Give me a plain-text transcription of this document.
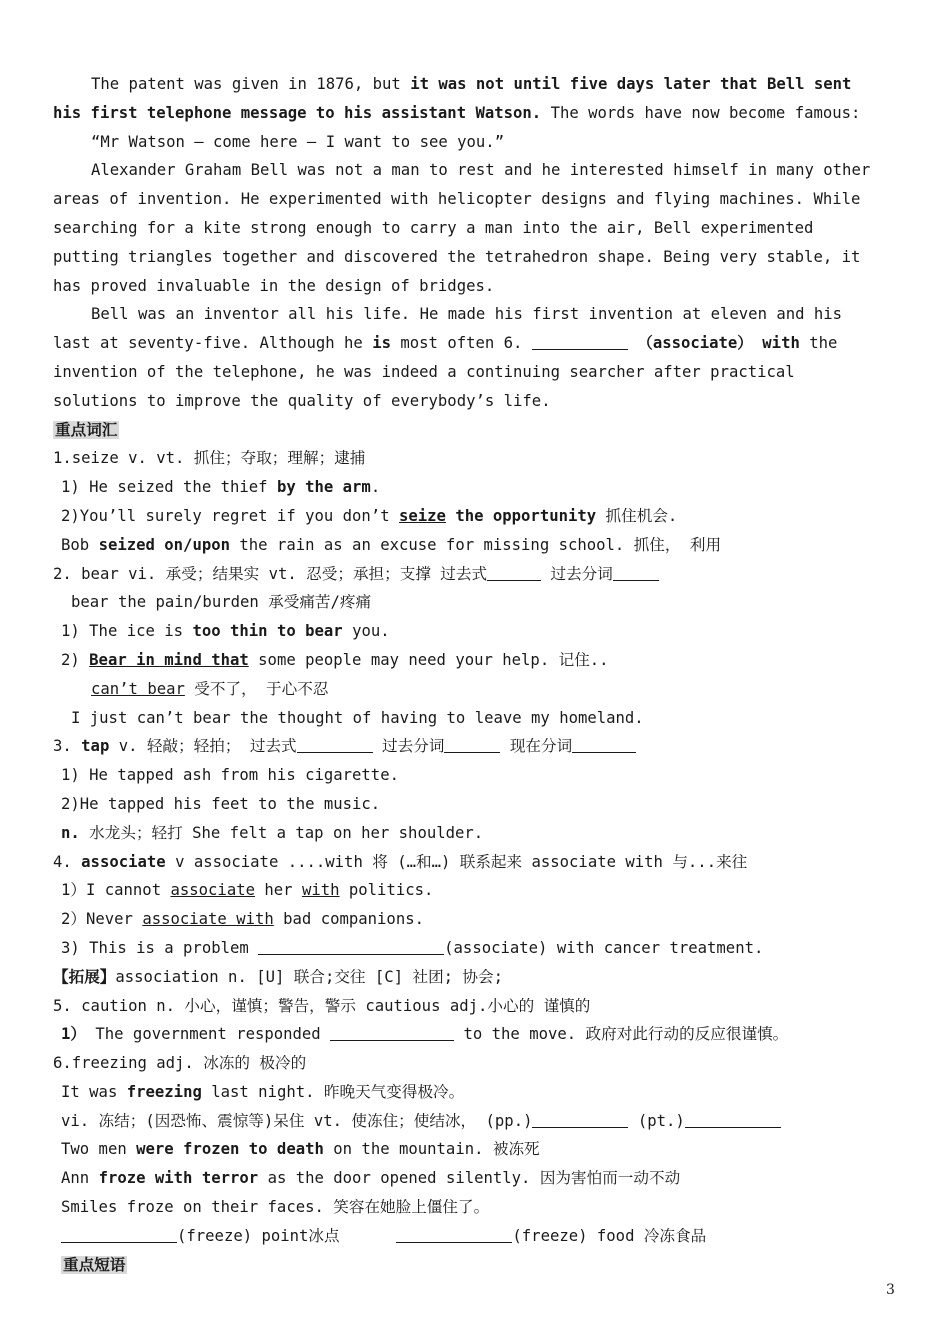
The patent was given in 1876, but it was not until five days later that Bell sent
his first telephone message to his assistant Watson. The words have now become famous:
“Mr Watson — come here — I want to see you.”
Alexander Graham Bell was not a man to rest and he interested himself in many other
areas of invention. He experimented with helicopter designs and flying machines. While
searching for a kite strong enough to carry a man into the air, Bell experimented
putting triangles together and discovered the tetrahedron shape. Being very stable, it
has proved invaluable in the design of bridges.
Bell was an inventor all his life. He made his first invention at eleven and his
last at seventy-five. Although he is most often 6.	（associate） with the
invention of the telephone, he was indeed a continuing searcher after practical
solutions to improve the quality of everybody’s life.
重点词汇
1.seize v. vt. 抓住；夺取；理解；逮捕
1) He seized the thief by the arm.
2)You’ll surely regret if you don’t seize the opportunity 抓住机会.
Bob seized on/upon the rain as an excuse for missing school. 抓住， 利用
2. bear vi. 承受；结果实 vt. 忍受；承担；支撑 过去式	过去分词
bear the pain/burden 承受痛苦/疼痛
1) The ice is too thin to bear you.
2) Bear in mind that some people may need your help. 记住..
can’t bear 受不了， 于心不忍
I just can’t bear the thought of having to leave my homeland.
3. tap v. 轻敲；轻拍； 过去式	过去分词	现在分词
1) He tapped ash from his cigarette.
2)He tapped his feet to the music.
n. 水龙头；轻打 She felt a tap on her shoulder.
4. associate v associate ....with 将 (…和…) 联系起来 associate with 与...来往
1）I cannot associate her with politics.
2）Never associate with bad companions.
3) This is a problem	(associate) with cancer treatment.
【拓展】association n. [U] 联合;交往 [C] 社团; 协会;
5. caution n. 小心，谨慎；警告，警示 cautious adj.小心的 谨慎的
1） The government responded	to the move. 政府对此行动的反应很谨慎。
6.freezing adj. 冰冻的 极冷的
It was freezing last night. 昨晚天气变得极冷。
vi. 冻结；(因恐怖、震惊等)呆住 vt. 使冻住；使结冰， (pp.)	(pt.)
Two men were frozen to death on the mountain. 被冻死
Ann froze with terror as the door opened silently. 因为害怕而一动不动
Smiles froze on their faces. 笑容在她脸上僵住了。
(freeze) point冰点	(freeze) food 冷冻食品
重点短语
3
